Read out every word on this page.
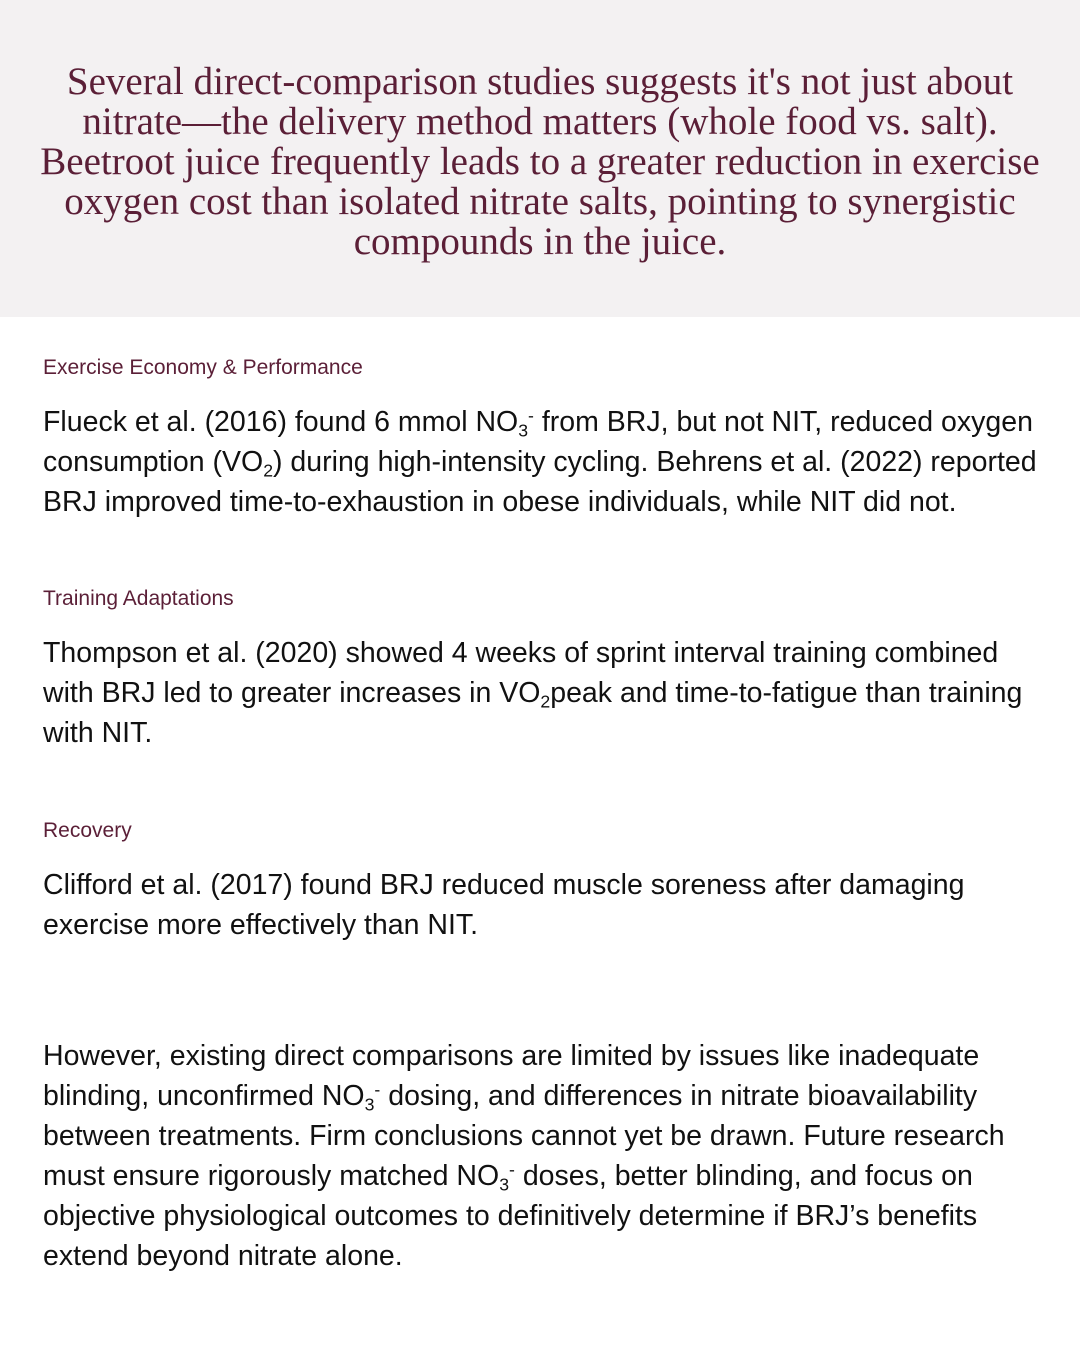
Several direct-comparison studies suggests it's not just about nitrate—the delivery method matters (whole food vs. salt). Beetroot juice frequently leads to a greater reduction in exercise oxygen cost than isolated nitrate salts, pointing to synergistic compounds in the juice.

Exercise Economy & Performance

Flueck et al. (2016) found 6 mmol $NO_3^-$ from BRJ, but not NIT, reduced oxygen consumption $(VO_2)$ during high-intensity cycling. Behrens et al. (2022) reported BRJ improved time-to-exhaustion in obese individuals, while NIT did not.

Training Adaptations

Thompson et al. (2020) showed 4 weeks of sprint interval training combined with BRJ led to greater increases in $VO_2peak$ and time-to-fatigue than training with NIT.

Recovery

Clifford et al. (2017) found BRJ reduced muscle soreness after damaging exercise more effectively than NIT.

However, existing direct comparisons are limited by issues like inadequate blinding, unconfirmed $NO_3^-$ dosing, and differences in nitrate bioavailability between treatments. Firm conclusions cannot yet be drawn. Future research must ensure rigorously matched $NO_3^-$ doses, better blinding, and focus on objective physiological outcomes to definitively determine if BRJ’s benefits extend beyond nitrate alone.
